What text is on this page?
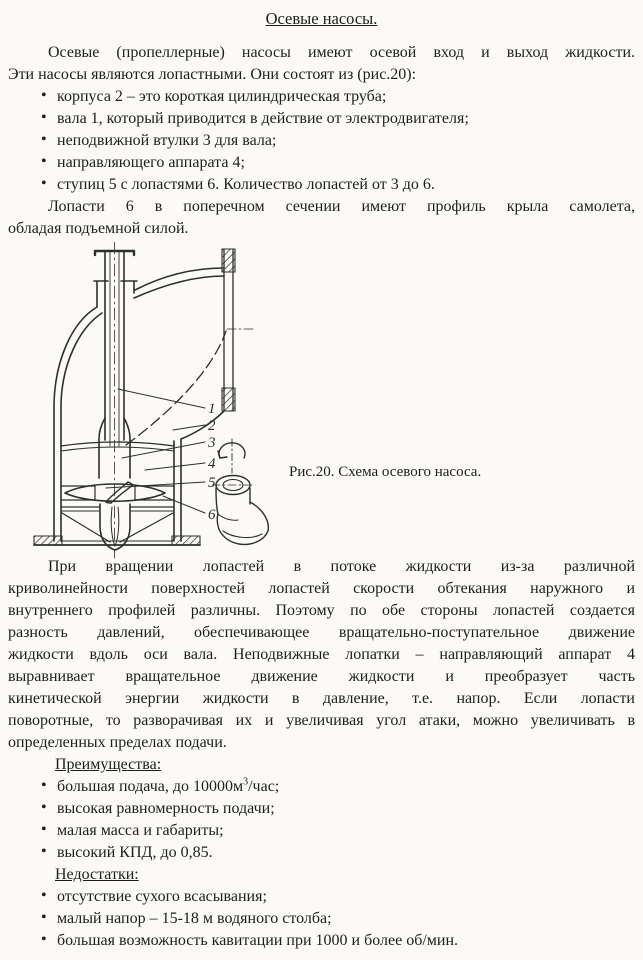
Осевые насосы.
Осевые (пропеллерные) насосы имеют осевой вход и выход жидкости.
Эти насосы являются лопастными. Они состоят из (рис.20):
• корпуса 2 – это короткая цилиндрическая труба;
• вала 1, который приводится в действие от электродвигателя;
• неподвижной втулки 3 для вала;
• направляющего аппарата 4;
• ступиц 5 с лопастями 6. Количество лопастей от 3 до 6.
Лопасти 6 в поперечном сечении имеют профиль крыла самолета,
обладая подъемной силой.
1
2
3
4
5
6
Рис.20. Схема осевого насоса.
При вращении лопастей в потоке жидкости из-за различной
криволинейности поверхностей лопастей скорости обтекания наружного и
внутреннего профилей различны. Поэтому по обе стороны лопастей создается
разность давлений, обеспечивающее вращательно-поступательное движение
жидкости вдоль оси вала. Неподвижные лопатки – направляющий аппарат 4
выравнивает вращательное движение жидкости и преобразует часть
кинетической энергии жидкости в давление, т.е. напор. Если лопасти
поворотные, то разворачивая их и увеличивая угол атаки, можно увеличивать в
определенных пределах подачи.
Преимущества:
• большая подача, до $10000м^3$/час;
• высокая равномерность подачи;
• малая масса и габариты;
• высокий КПД, до 0,85.
Недостатки:
• отсутствие сухого всасывания;
• малый напор – 15-18 м водяного столба;
• большая возможность кавитации при 1000 и более об/мин.
